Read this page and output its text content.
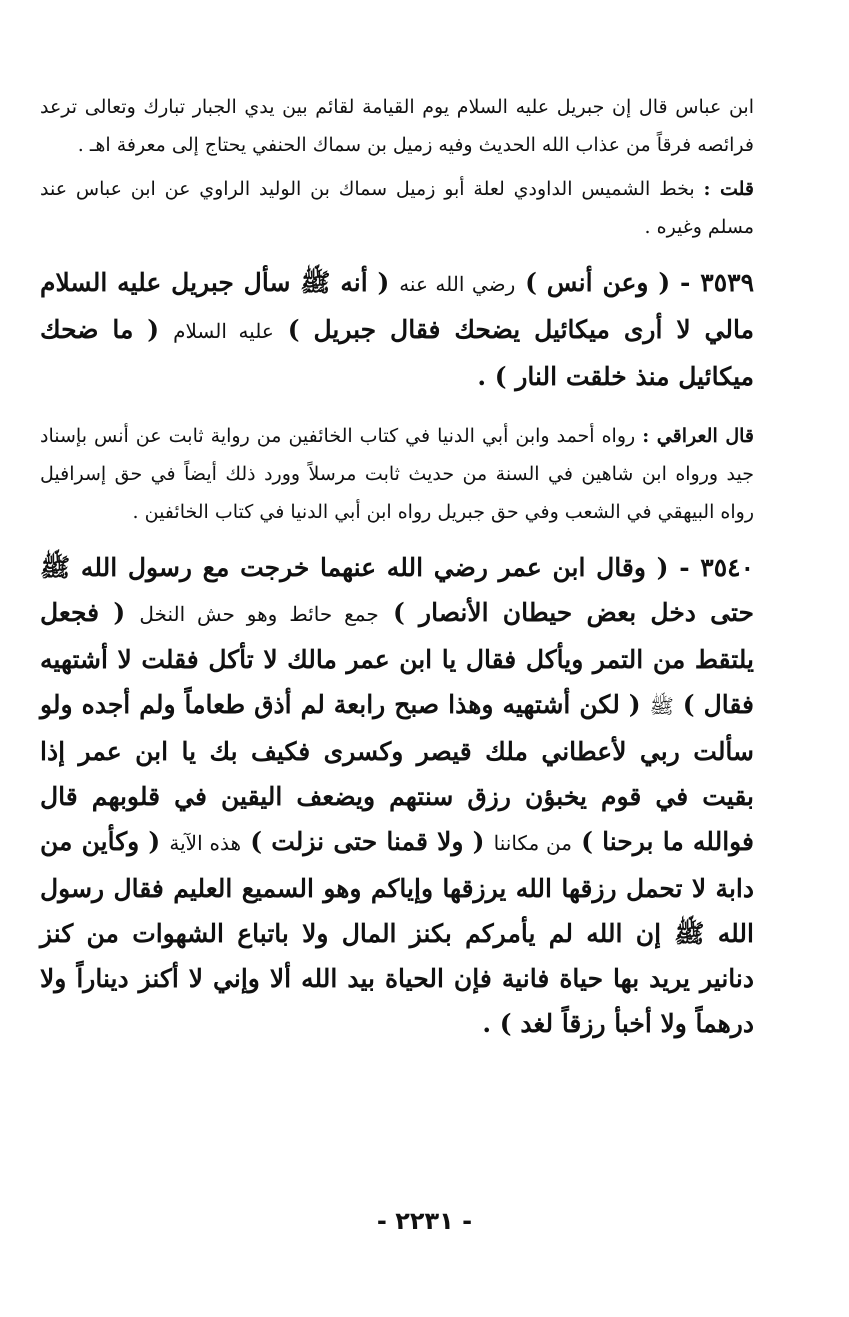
ابن عباس قال إن جبريل عليه السلام يوم القيامة لقائم بين يدي الجبار تبارك وتعالى ترعد فرائصه فرقاً من عذاب الله الحديث وفيه زميل بن سماك الحنفي يحتاج إلى معرفة اهـ .

قلت : بخط الشميس الداودي لعلة أبو زميل سماك بن الوليد الراوي عن ابن عباس عند مسلم وغيره .

٣٥٣٩ - ( وعن أنس ) رضي الله عنه ( أنه ﷺ سأل جبريل عليه السلام مالي لا أرى ميكائيل يضحك فقال جبريل ) عليه السلام ( ما ضحك ميكائيل منذ خلقت النار ) .

قال العراقي : رواه أحمد وابن أبي الدنيا في كتاب الخائفين من رواية ثابت عن أنس بإسناد جيد ورواه ابن شاهين في السنة من حديث ثابت مرسلاً وورد ذلك أيضاً في حق إسرافيل رواه البيهقي في الشعب وفي حق جبريل رواه ابن أبي الدنيا في كتاب الخائفين .

٣٥٤٠ - ( وقال ابن عمر رضي الله عنهما خرجت مع رسول الله ﷺ حتى دخل بعض حيطان الأنصار ) جمع حائط وهو حش النخل ( فجعل يلتقط من التمر ويأكل فقال يا ابن عمر مالك لا تأكل فقلت لا أشتهيه فقال ) ﷺ ( لكن أشتهيه وهذا صبح رابعة لم أذق طعاماً ولم أجده ولو سألت ربي لأعطاني ملك قيصر وكسرى فكيف بك يا ابن عمر إذا بقيت في قوم يخبؤن رزق سنتهم ويضعف اليقين في قلوبهم قال فوالله ما برحنا ) من مكاننا ( ولا قمنا حتى نزلت ) هذه الآية ( وكأين من دابة لا تحمل رزقها الله يرزقها وإياكم وهو السميع العليم فقال رسول الله ﷺ إن الله لم يأمركم بكنز المال ولا باتباع الشهوات من كنز دنانير يريد بها حياة فانية فإن الحياة بيد الله ألا وإني لا أكنز ديناراً ولا درهماً ولا أخبأ رزقاً لغد ) .

- ٢٢٣١ -
